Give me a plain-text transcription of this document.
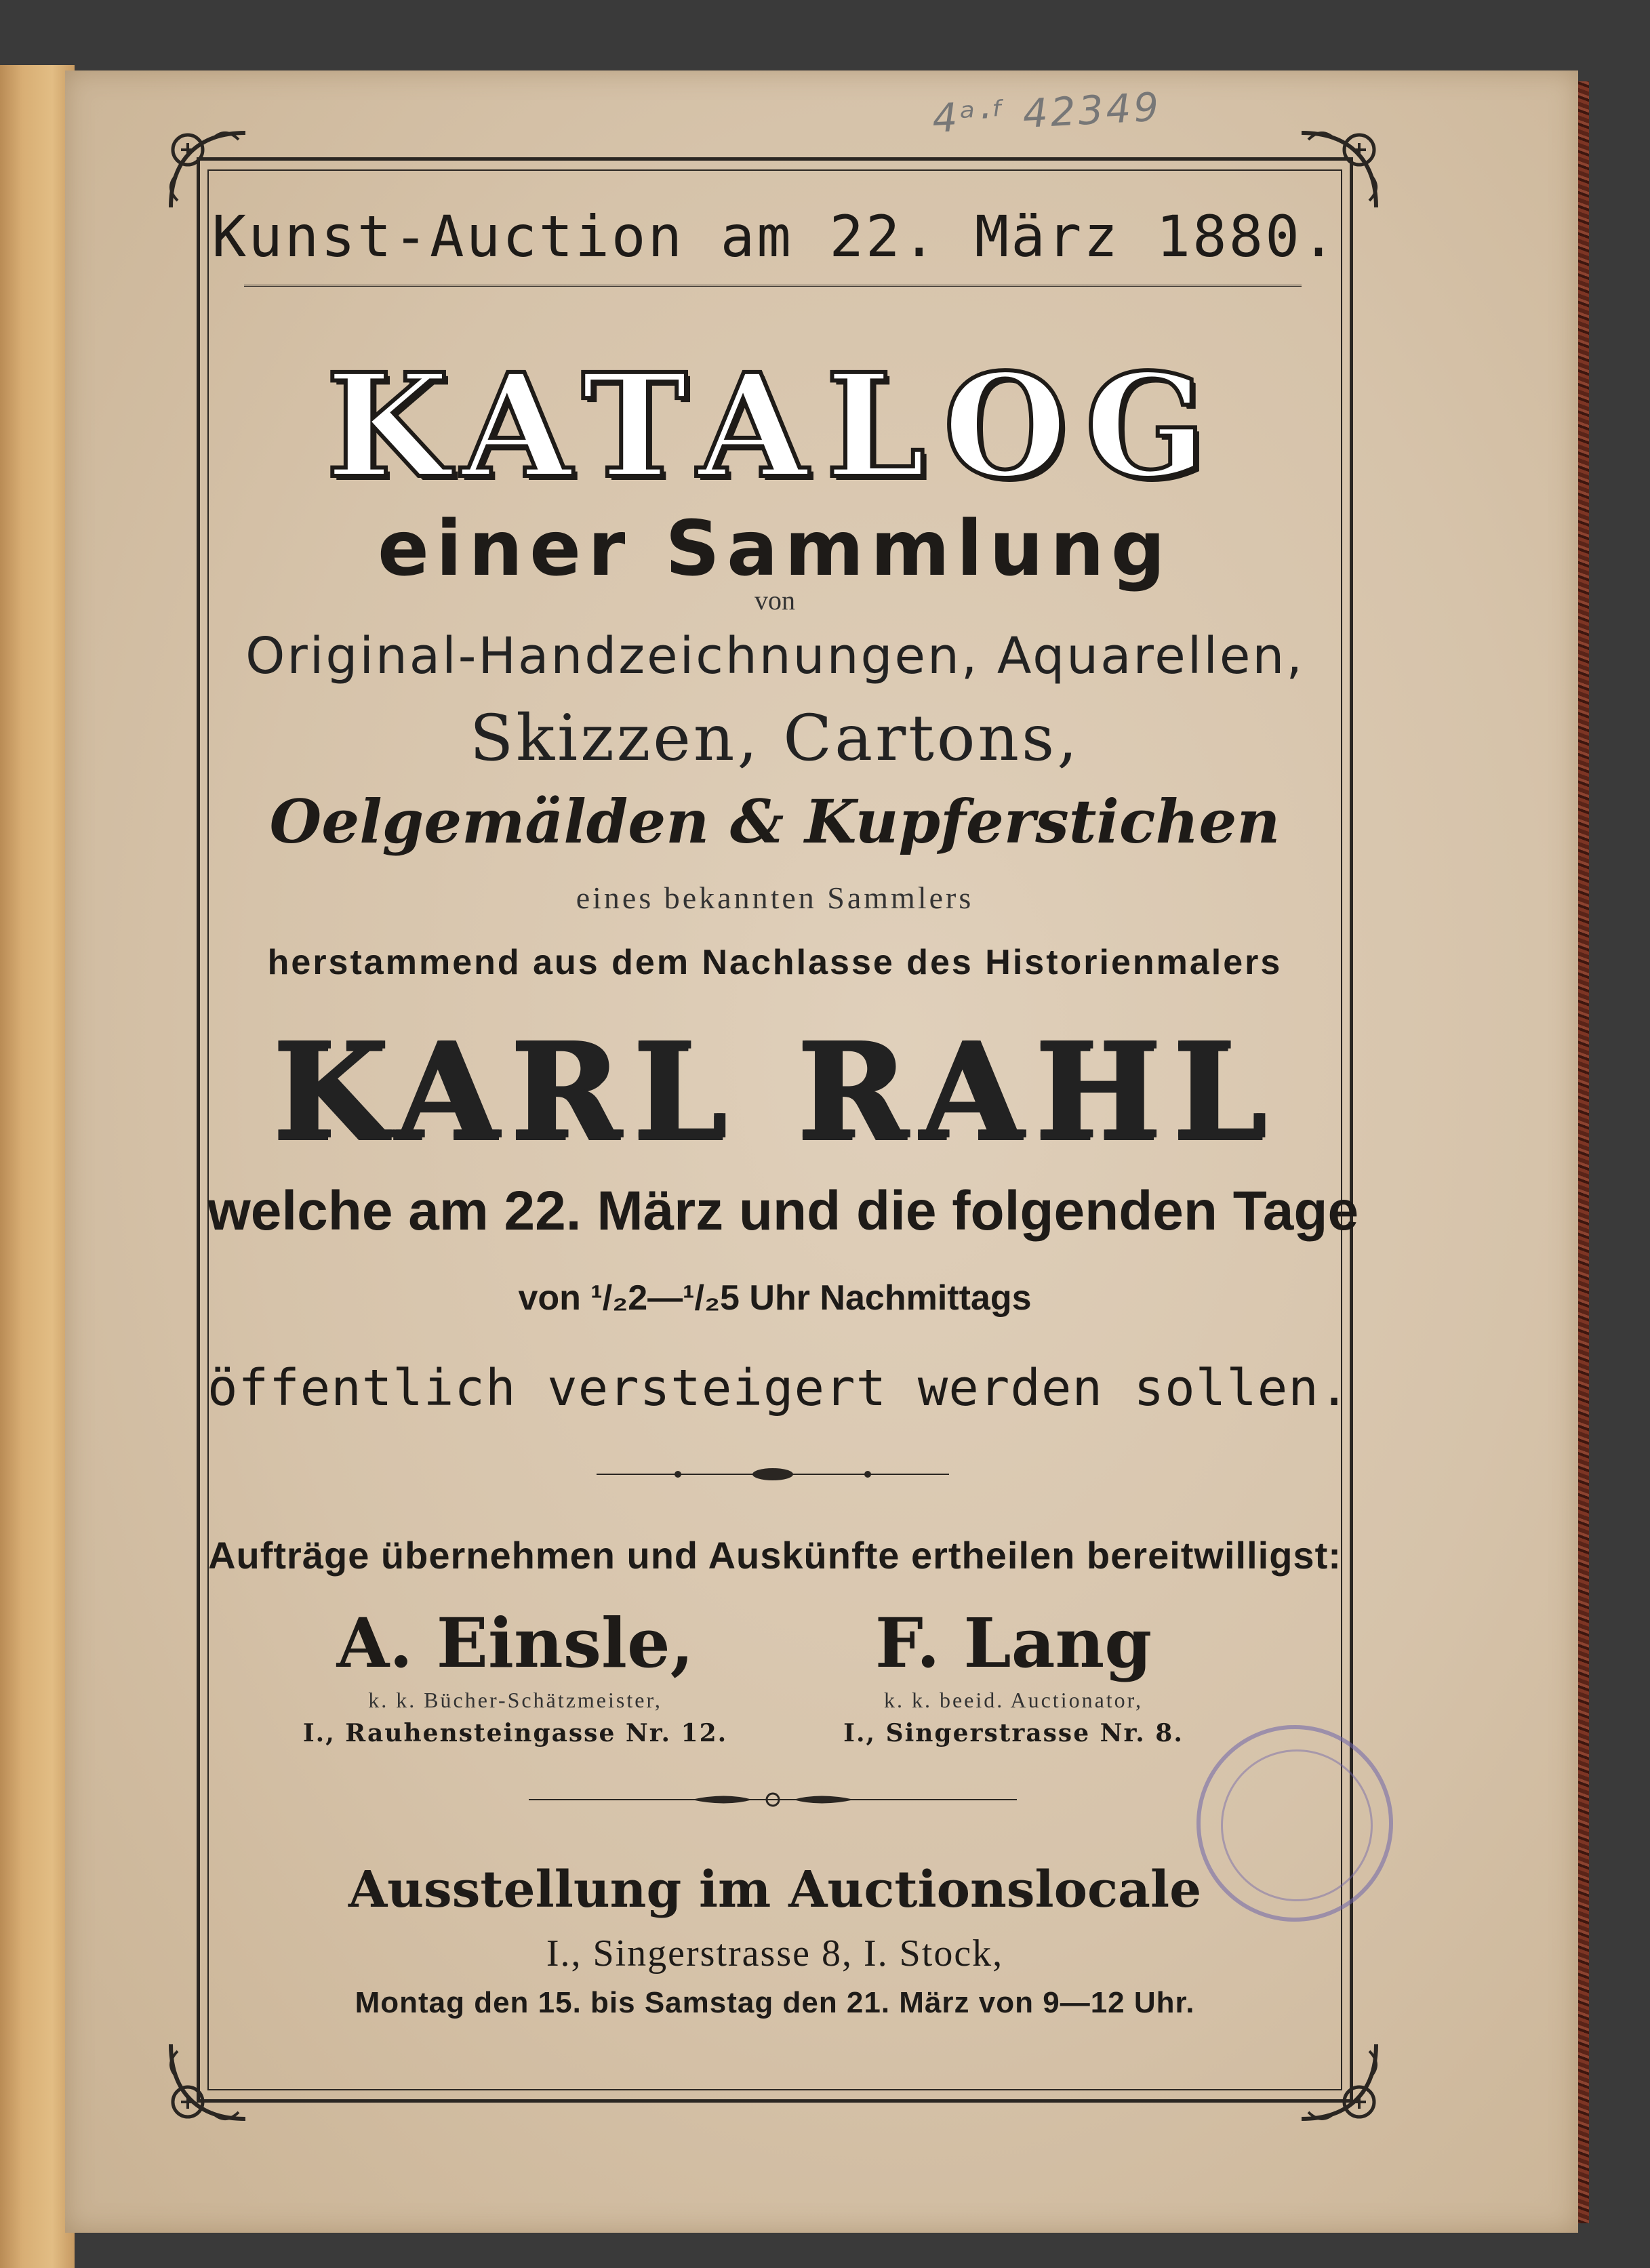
4ᵃ·ᶠ 42349
Kunst-Auction am 22. März 1880.
KATALOG
einer Sammlung
von
Original-Handzeichnungen, Aquarellen,
Skizzen, Cartons,
Oelgemälden & Kupferstichen
eines bekannten Sammlers
herstammend aus dem Nachlasse des Historienmalers
KARL RAHL
welche am 22. März und die folgenden Tage
von ¹/₂2—¹/₂5 Uhr Nachmittags
öffentlich versteigert werden sollen.
Aufträge übernehmen und Auskünfte ertheilen bereitwilligst:
A. Einsle,
k. k. Bücher-Schätzmeister,
I., Rauhensteingasse Nr. 12.
F. Lang
k. k. beeid. Auctionator,
I., Singerstrasse Nr. 8.
Ausstellung im Auctionslocale
I., Singerstrasse 8, I. Stock,
Montag den 15. bis Samstag den 21. März von 9—12 Uhr.
